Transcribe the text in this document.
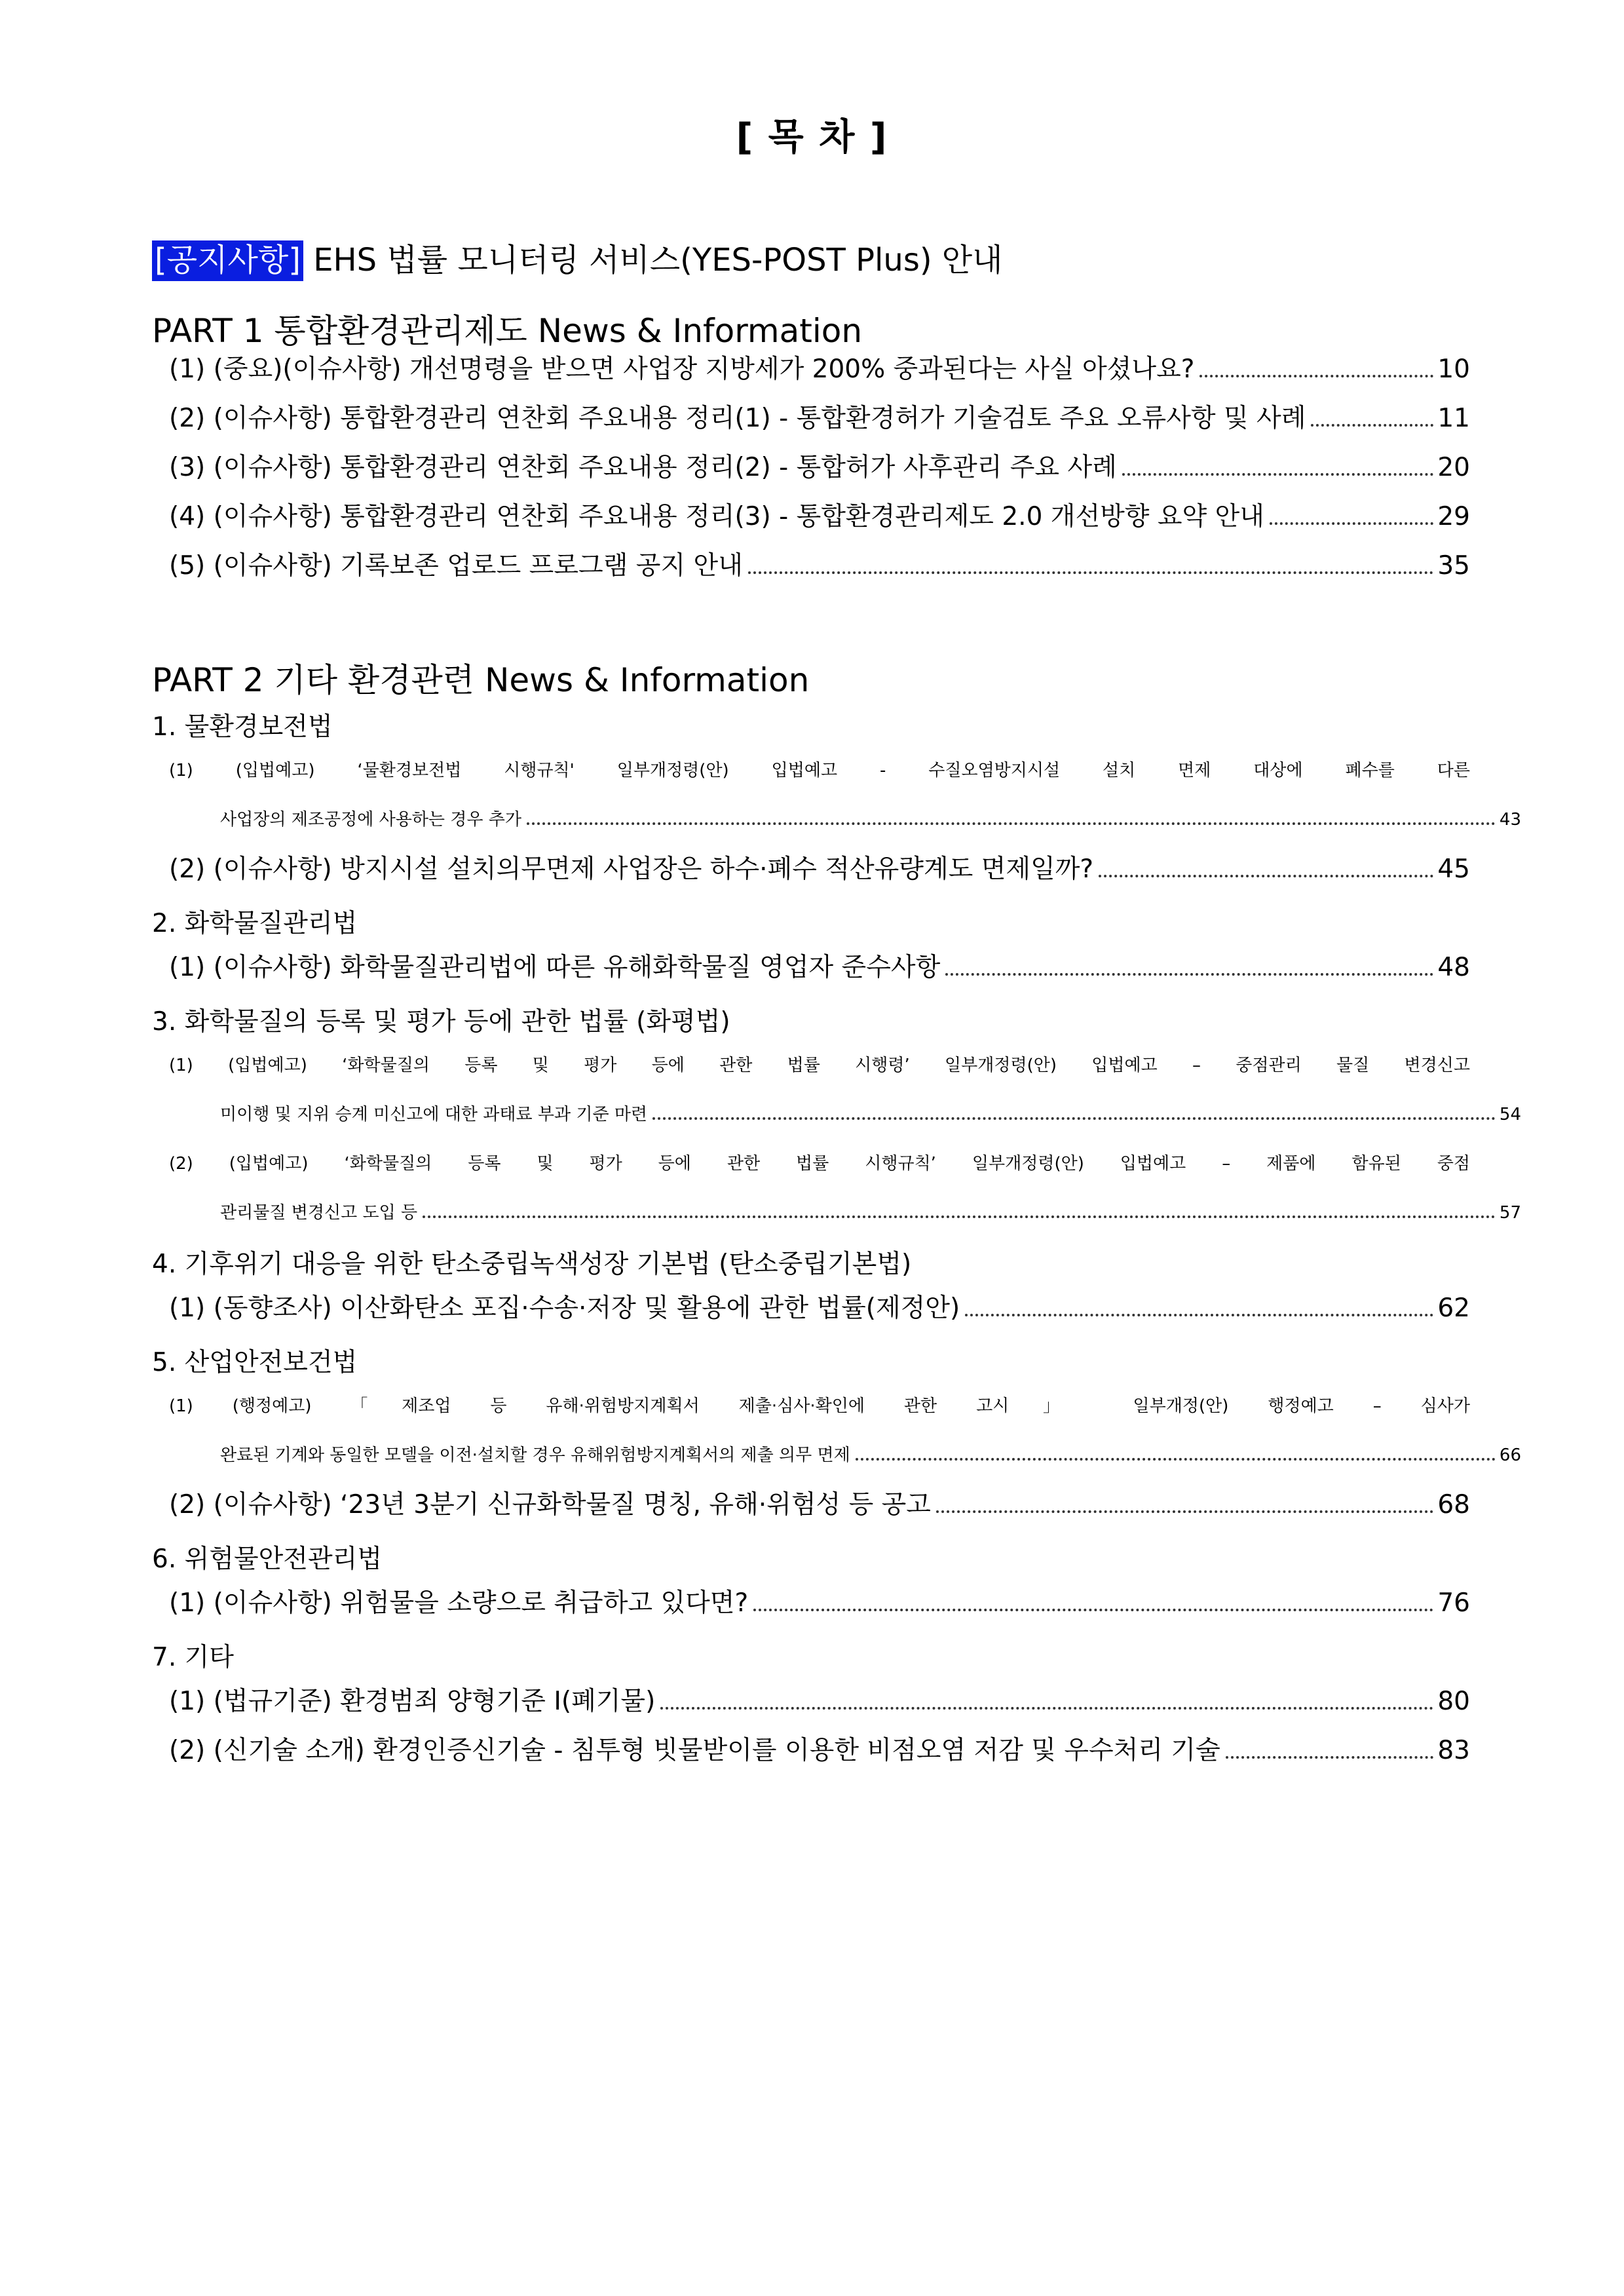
[ 목 차 ]
[공지사항] EHS 법률 모니터링 서비스(YES-POST Plus) 안내
PART 1 통합환경관리제도 News & Information
(1) (중요)(이슈사항) 개선명령을 받으면 사업장 지방세가 200% 중과된다는 사실 아셨나요?	10
(2) (이슈사항) 통합환경관리 연찬회 주요내용 정리(1) - 통합환경허가 기술검토 주요 오류사항 및 사례	11
(3) (이슈사항) 통합환경관리 연찬회 주요내용 정리(2) - 통합허가 사후관리 주요 사례	20
(4) (이슈사항) 통합환경관리 연찬회 주요내용 정리(3) - 통합환경관리제도 2.0 개선방향 요약 안내	29
(5) (이슈사항) 기록보존 업로드 프로그램 공지 안내	35
PART 2 기타 환경관련 News & Information
1. 물환경보전법
(1) (입법예고) ‘물환경보전법 시행규칙' 일부개정령(안) 입법예고 - 수질오염방지시설 설치 면제 대상에 폐수를 다른
사업장의 제조공정에 사용하는 경우 추가	43
(2) (이슈사항) 방지시설 설치의무면제 사업장은 하수·폐수 적산유량계도 면제일까?	45
2. 화학물질관리법
(1) (이슈사항) 화학물질관리법에 따른 유해화학물질 영업자 준수사항	48
3. 화학물질의 등록 및 평가 등에 관한 법률 (화평법)
(1) (입법예고) ‘화학물질의 등록 및 평가 등에 관한 법률 시행령’ 일부개정령(안) 입법예고 – 중점관리 물질 변경신고
미이행 및 지위 승계 미신고에 대한 과태료 부과 기준 마련	54
(2) (입법예고) ‘화학물질의 등록 및 평가 등에 관한 법률 시행규칙’ 일부개정령(안) 입법예고 – 제품에 함유된 중점
관리물질 변경신고 도입 등	57
4. 기후위기 대응을 위한 탄소중립녹색성장 기본법 (탄소중립기본법)
(1) (동향조사) 이산화탄소 포집·수송·저장 및 활용에 관한 법률(제정안)	62
5. 산업안전보건법
(1) (행정예고) 「제조업 등 유해·위험방지계획서 제출·심사·확인에 관한 고시」 일부개정(안) 행정예고 – 심사가
완료된 기계와 동일한 모델을 이전·설치할 경우 유해위험방지계획서의 제출 의무 면제	66
(2) (이슈사항) ‘23년 3분기 신규화학물질 명칭, 유해·위험성 등 공고	68
6. 위험물안전관리법
(1) (이슈사항) 위험물을 소량으로 취급하고 있다면?	76
7. 기타
(1) (법규기준) 환경범죄 양형기준 Ⅰ(폐기물)	80
(2) (신기술 소개) 환경인증신기술 - 침투형 빗물받이를 이용한 비점오염 저감 및 우수처리 기술	83
